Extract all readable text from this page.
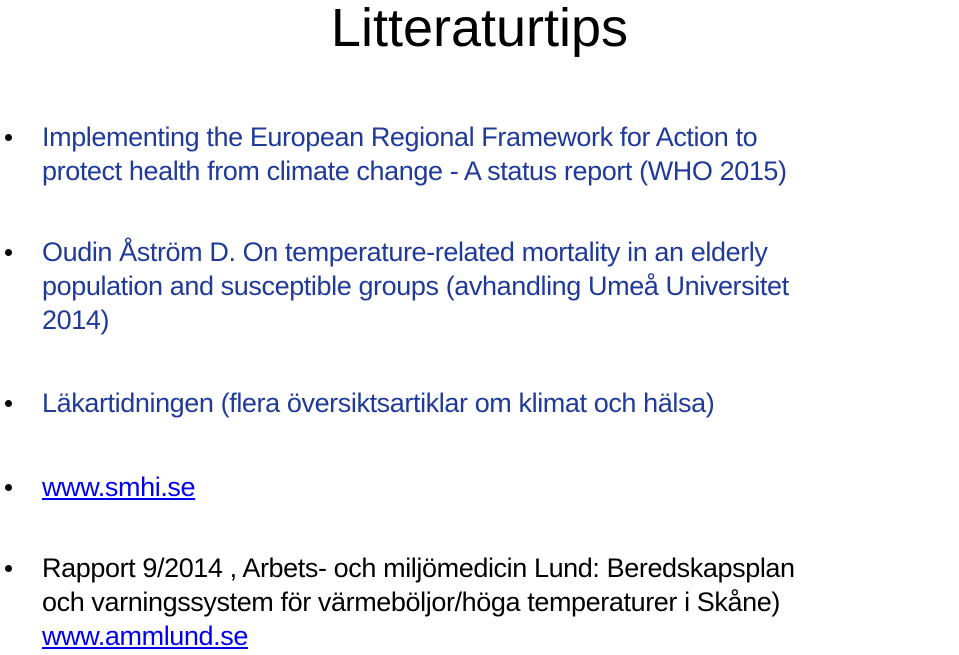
Litteraturtips
Implementing the European Regional Framework for Action to
protect health from climate change - A status report (WHO 2015)
Oudin Åström D. On temperature-related mortality in an elderly
population and susceptible groups (avhandling Umeå Universitet
2014)
Läkartidningen (flera översiktsartiklar om klimat och hälsa)
www.smhi.se
Rapport 9/2014 , Arbets- och miljömedicin Lund: Beredskapsplan
och varningssystem för värmeböljor/höga temperaturer i Skåne)
www.ammlund.se
